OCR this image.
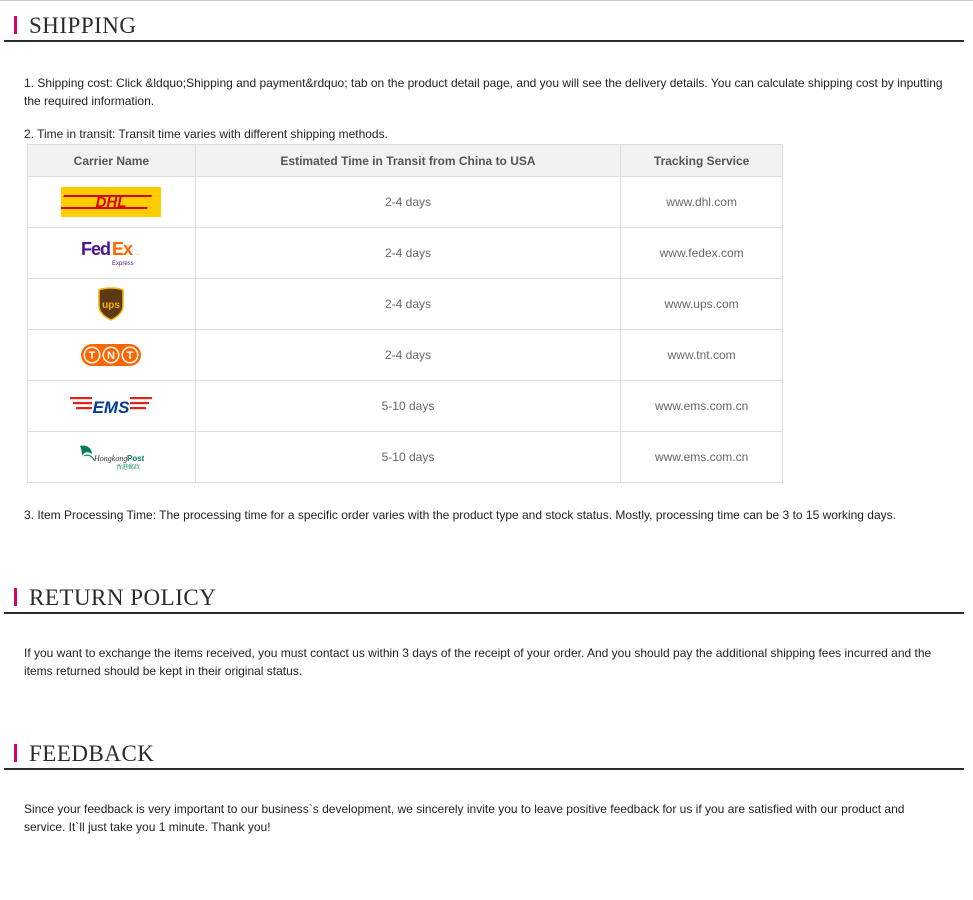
SHIPPING
1. Shipping cost: Click &ldquo;Shipping and payment&rdquo; tab on the product detail page, and you will see the delivery details. You can calculate shipping cost by inputting the required information.
2. Time in transit: Transit time varies with different shipping methods.
Carrier Name	Estimated Time in Transit from China to USA	Tracking Service

DHL	2-4 days	www.dhl.com

Fed Ex .
Express	2-4 days	www.fedex.com

ups	2-4 days	www.ups.com

T N T	2-4 days	www.tnt.com

EMS	5-10 days	www.ems.com.cn

Hongkong Post
香港郵政	5-10 days	www.ems.com.cn
3. Item Processing Time: The processing time for a specific order varies with the product type and stock status. Mostly, processing time can be 3 to 15 working days.
RETURN POLICY
If you want to exchange the items received, you must contact us within 3 days of the receipt of your order. And you should pay the additional shipping fees incurred and the items returned should be kept in their original status.
FEEDBACK
Since your feedback is very important to our business`s development, we sincerely invite you to leave positive feedback for us if you are satisfied with our product and service. It`ll just take you 1 minute. Thank you!
